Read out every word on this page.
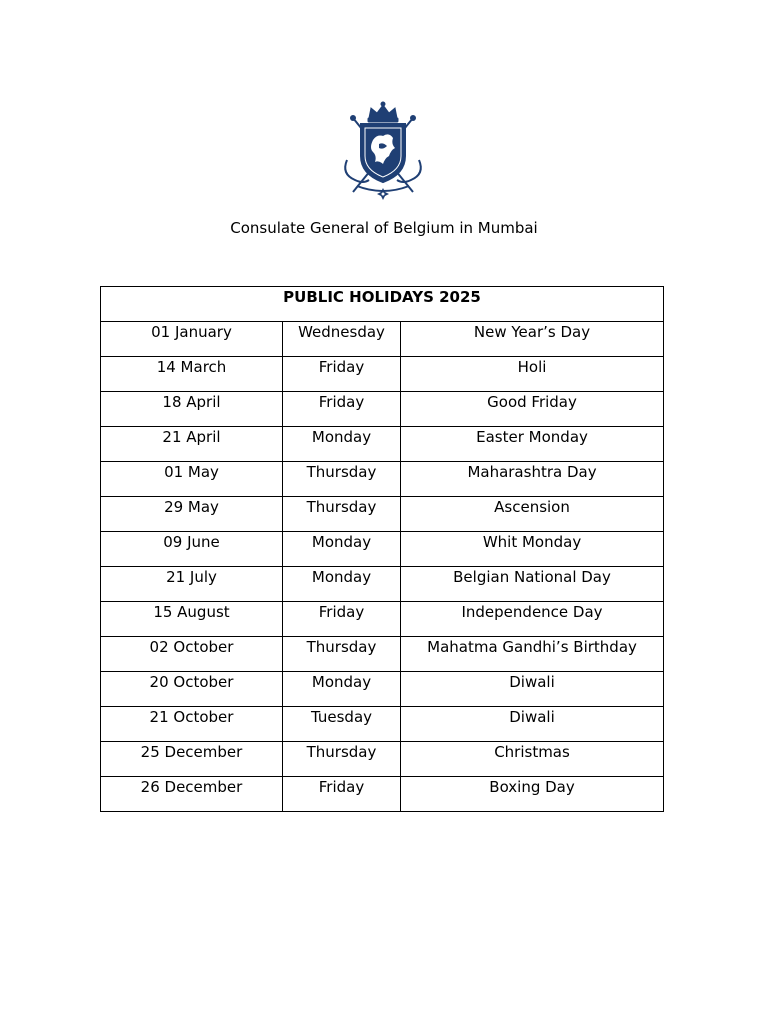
Consulate General of Belgium in Mumbai
PUBLIC HOLIDAYS 2025		
01 January	Wednesday	New Year’s Day
14 March	Friday	Holi
18 April	Friday	Good Friday
21 April	Monday	Easter Monday
01 May	Thursday	Maharashtra Day
29 May	Thursday	Ascension
09 June	Monday	Whit Monday
21 July	Monday	Belgian National Day
15 August	Friday	Independence Day
02 October	Thursday	Mahatma Gandhi’s Birthday
20 October	Monday	Diwali
21 October	Tuesday	Diwali
25 December	Thursday	Christmas
26 December	Friday	Boxing Day
